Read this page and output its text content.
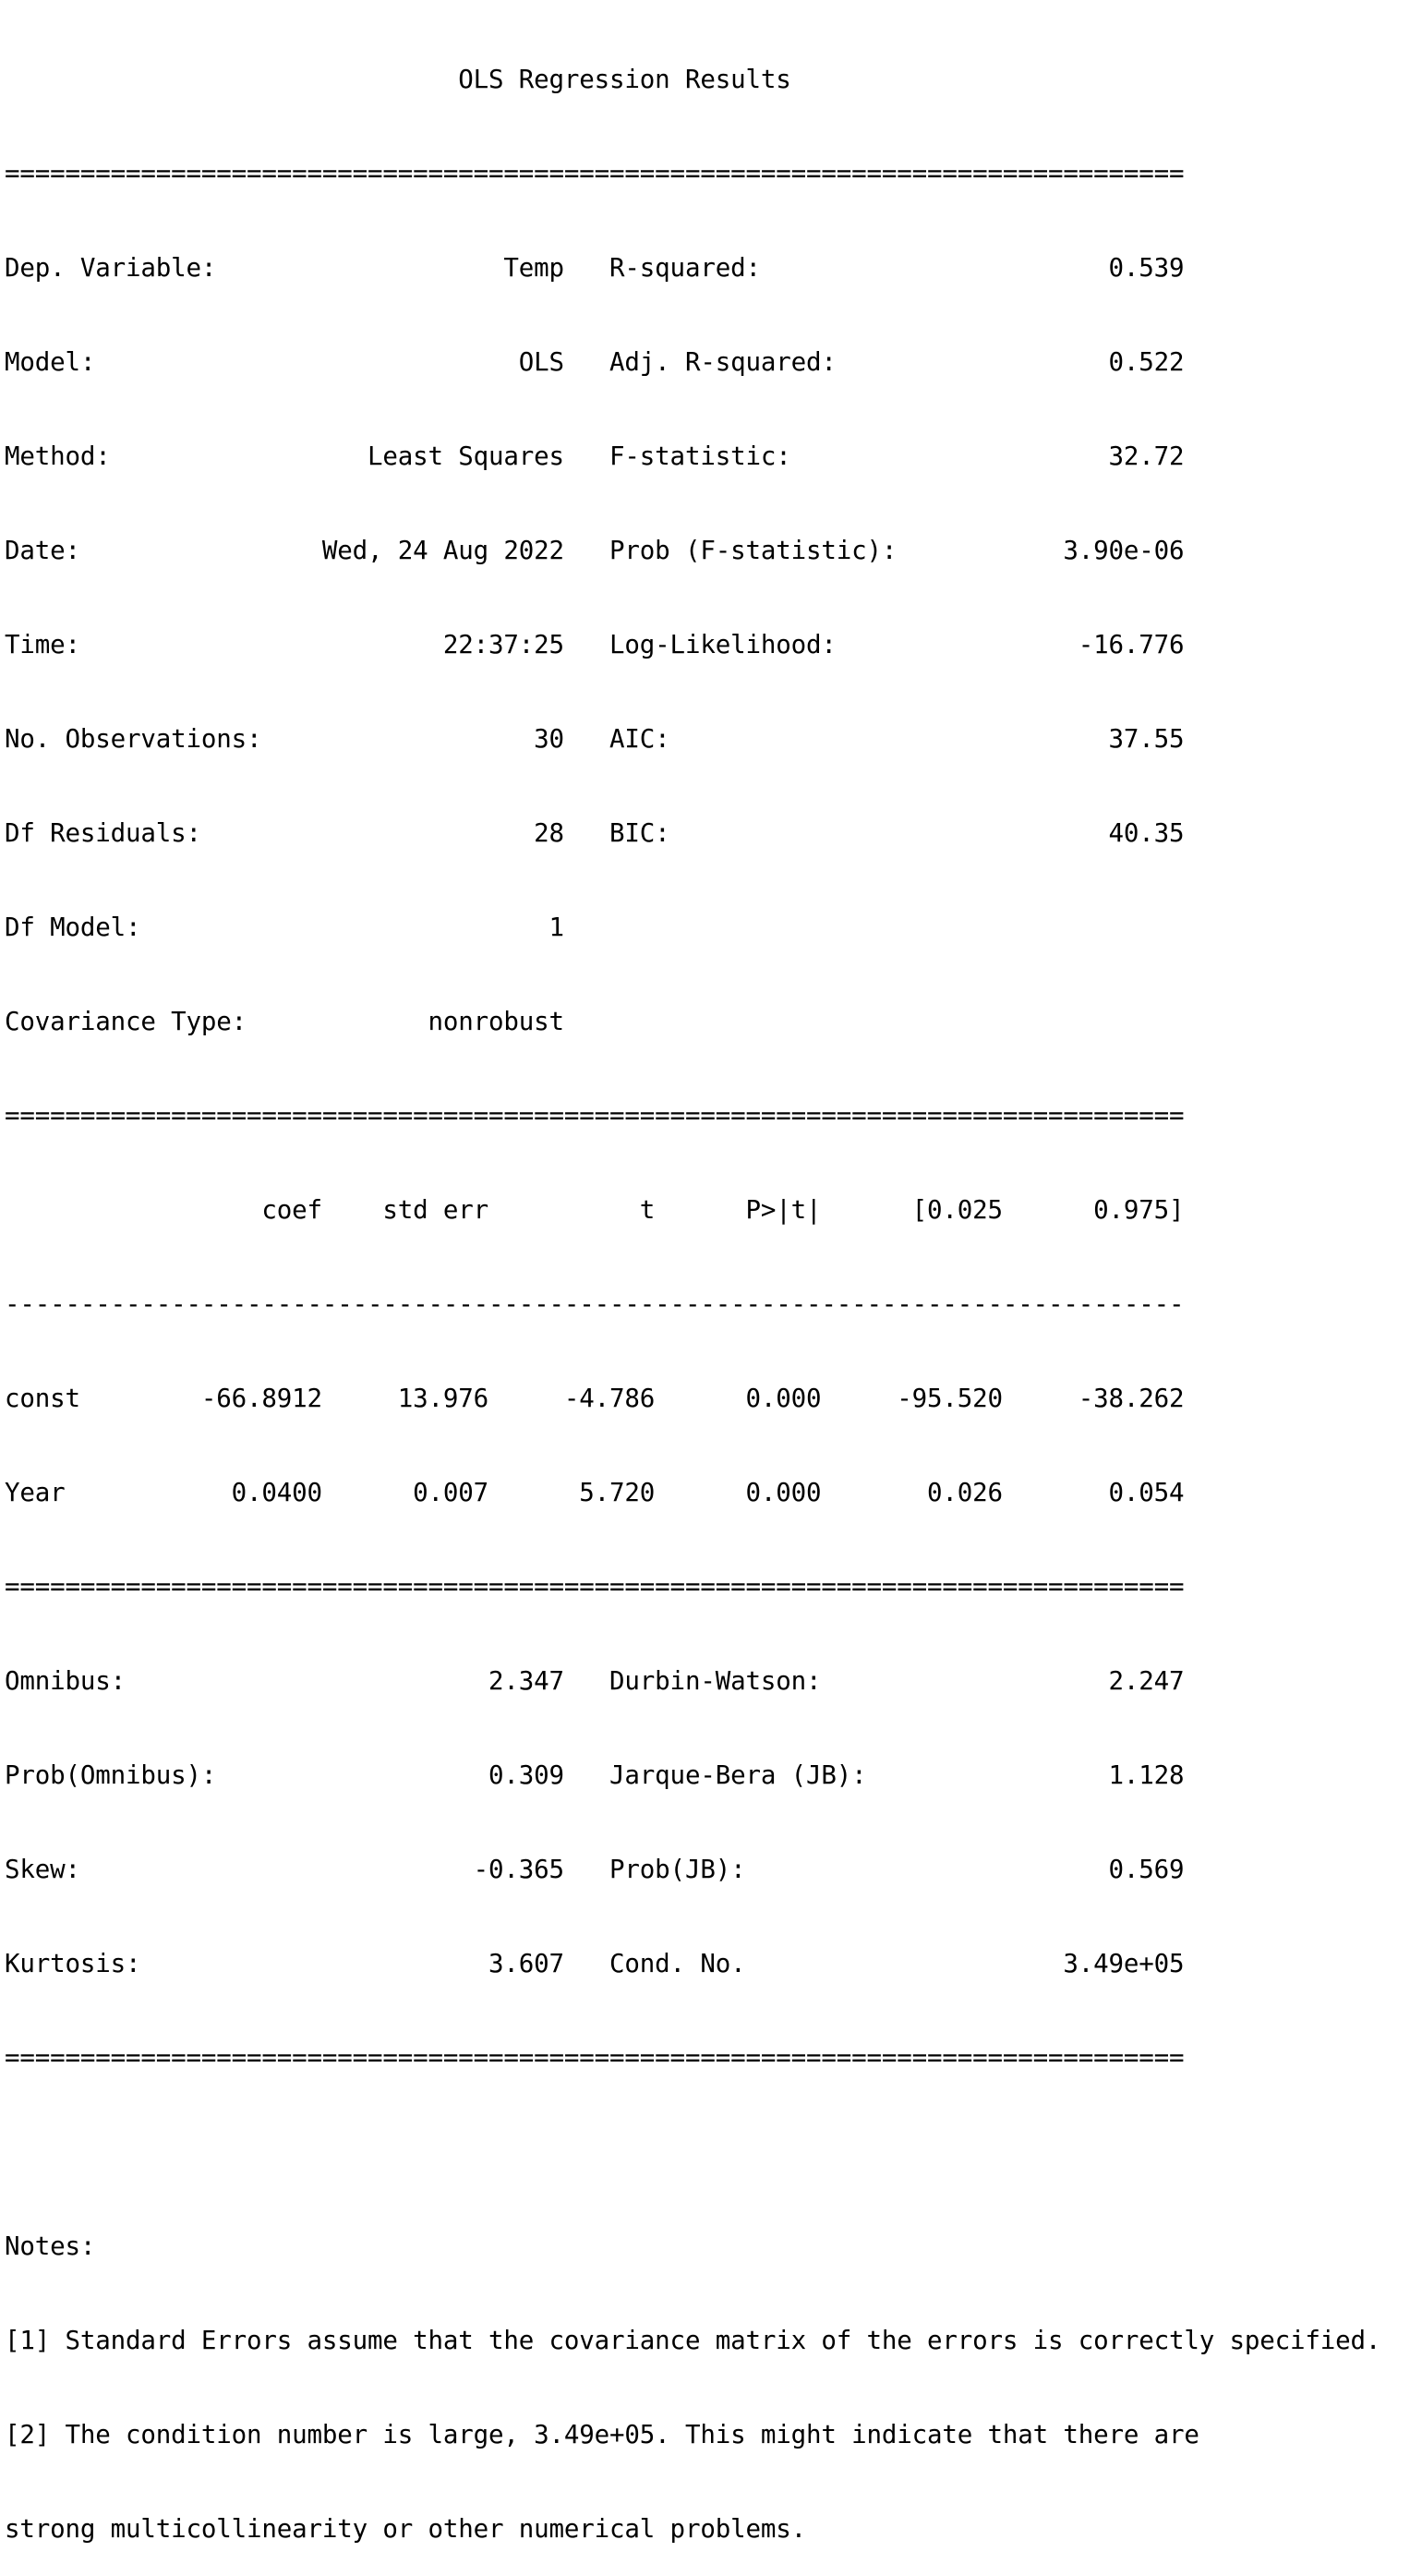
OLS Regression Results

==============================================================================

Dep. Variable:                   Temp   R-squared:                       0.539

Model:                            OLS   Adj. R-squared:                  0.522

Method:                 Least Squares   F-statistic:                     32.72

Date:                Wed, 24 Aug 2022   Prob (F-statistic):           3.90e-06

Time:                        22:37:25   Log-Likelihood:                -16.776

No. Observations:                  30   AIC:                             37.55

Df Residuals:                      28   BIC:                             40.35

Df Model:                           1

Covariance Type:            nonrobust

==============================================================================

coef    std err          t      P>|t|      [0.025      0.975]

------------------------------------------------------------------------------

const        -66.8912     13.976     -4.786      0.000     -95.520     -38.262

Year           0.0400      0.007      5.720      0.000       0.026       0.054

==============================================================================

Omnibus:                        2.347   Durbin-Watson:                   2.247

Prob(Omnibus):                  0.309   Jarque-Bera (JB):                1.128

Skew:                          -0.365   Prob(JB):                        0.569

Kurtosis:                       3.607   Cond. No.                     3.49e+05

==============================================================================

Notes:

[1] Standard Errors assume that the covariance matrix of the errors is correctly specified.

[2] The condition number is large, 3.49e+05. This might indicate that there are

strong multicollinearity or other numerical problems.
